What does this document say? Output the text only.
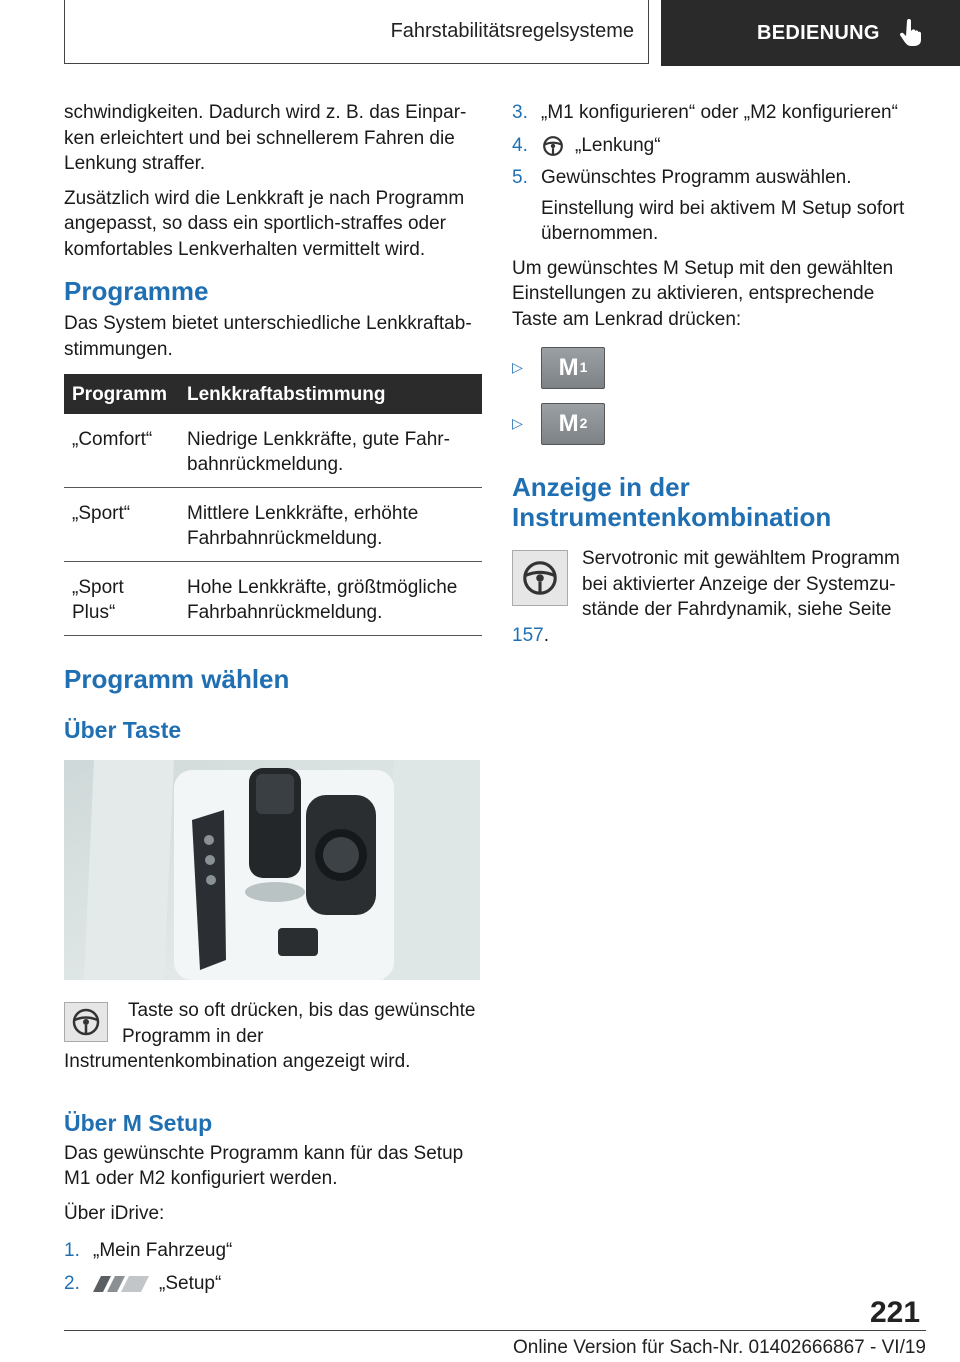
Fahrstabilitätsregelsysteme	BEDIENUNG

schwindigkeiten. Dadurch wird z. B. das Einpar-ken erleichtert und bei schnellerem Fahren die Lenkung straffer.

Zusätzlich wird die Lenkkraft je nach Programm angepasst, so dass ein sportlich-straffes oder komfortables Lenkverhalten vermittelt wird.

Programme

Das System bietet unterschiedliche Lenkkraftab-stimmungen.

Programm	Lenkkraftabstimmung
„Comfort“	Niedrige Lenkkräfte, gute Fahr-bahnrückmeldung.
„Sport“	Mittlere Lenkkräfte, erhöhte Fahrbahnrückmeldung.
„Sport Plus“	Hohe Lenkkräfte, größtmögliche Fahrbahnrückmeldung.
Programm wählen
Über Taste

Taste so oft drücken, bis das gewünschte Programm in der Instrumentenkombination angezeigt wird.

Über M Setup

Das gewünschte Programm kann für das Setup M1 oder M2 konfiguriert werden.

Über iDrive:

1. „Mein Fahrzeug“
2.	„Setup“
3. „M1 konfigurieren“ oder „M2 konfigurieren“
4.	„Lenkung“
5. Gewünschtes Programm auswählen.

Einstellung wird bei aktivem M Setup sofort übernommen.

Um gewünschtes M Setup mit den gewählten Einstellungen zu aktivieren, entsprechende Taste am Lenkrad drücken:

▷	M 1
▷	M 2
Anzeige in der Instrumentenkombination

Servotronic mit gewähltem Programm bei aktivierter Anzeige der Systemzu-stände der Fahrdynamik, siehe Seite 157.

221
Online Version für Sach-Nr. 01402666867 - VI/19
